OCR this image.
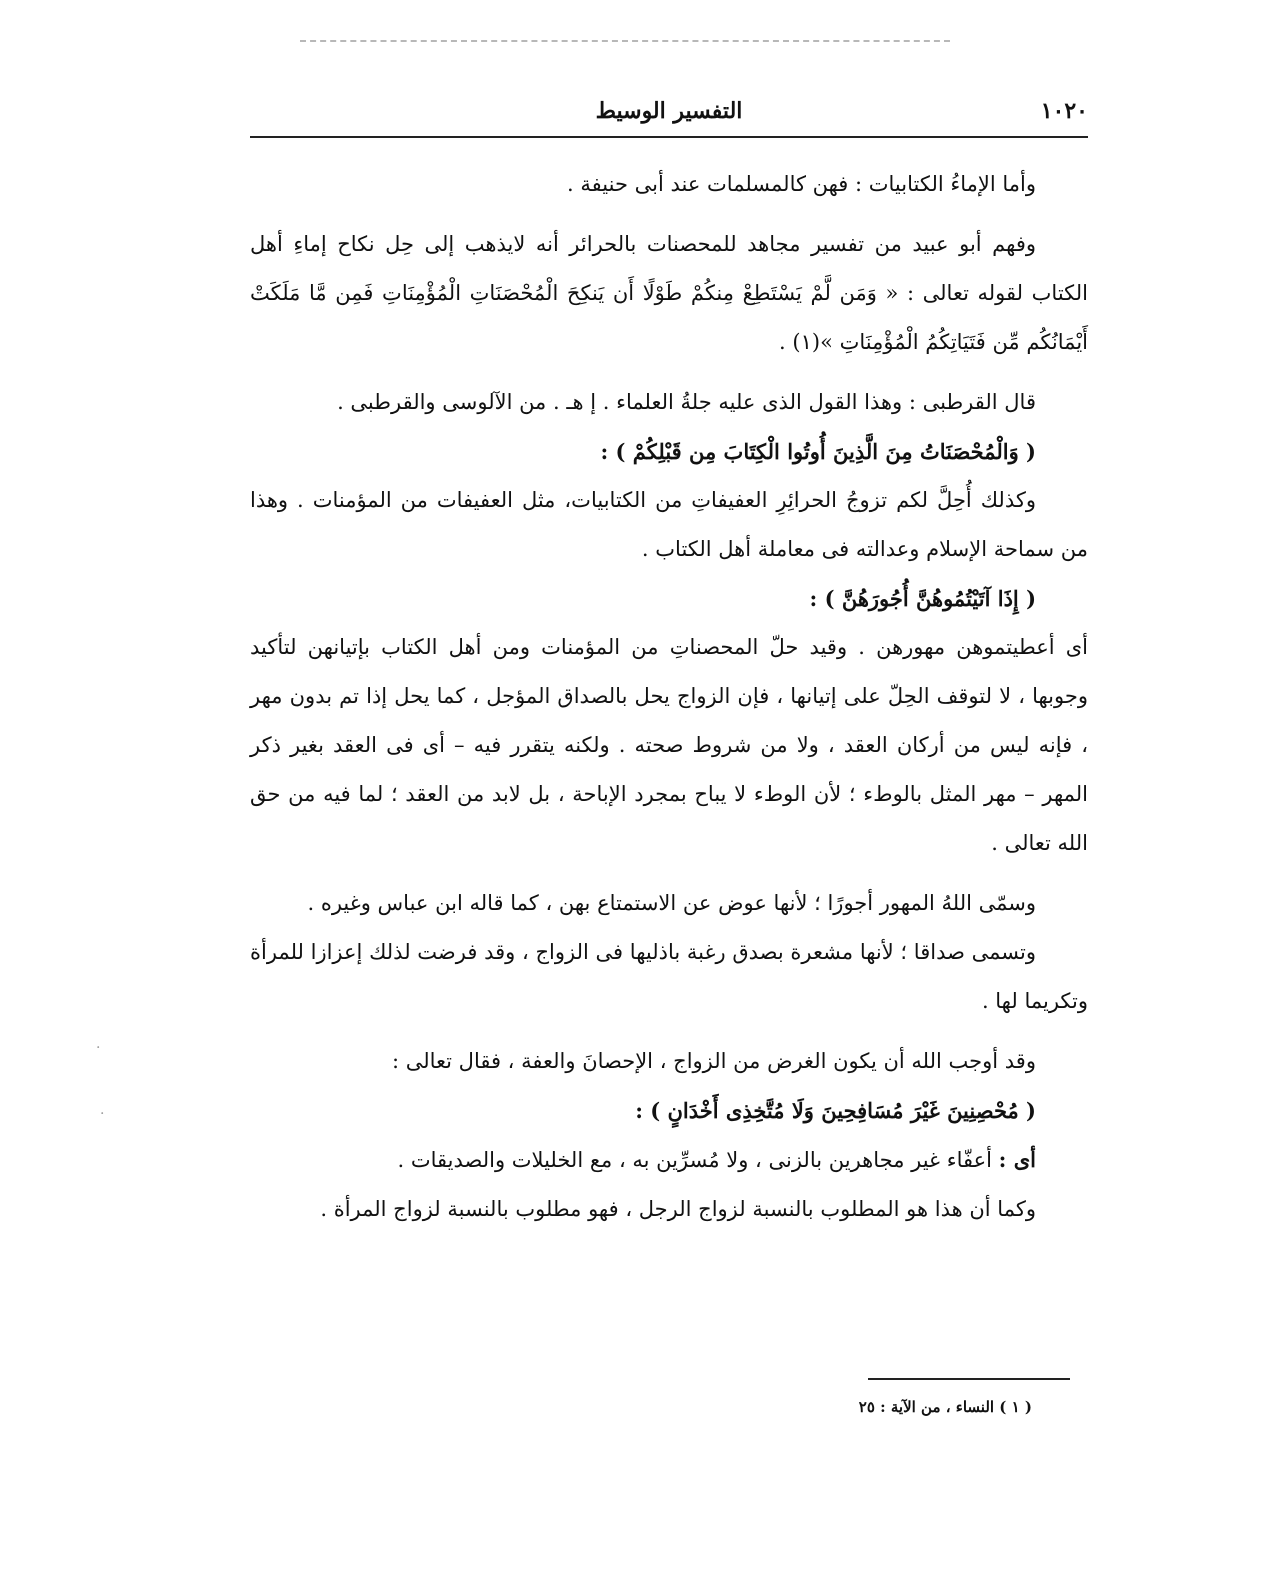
١٠٢٠
التفسير الوسيط

وأما الإماءُ الكتابيات : فهن كالمسلمات عند أبى حنيفة .

وفهم أبو عبيد من تفسير مجاهد للمحصنات بالحرائر أنه لايذهب إلى حِل نكاح إماءِ أهل الكتاب لقوله تعالى : « وَمَن لَّمْ يَسْتَطِعْ مِنكُمْ طَوْلًا أَن يَنكِحَ الْمُحْصَنَاتِ الْمُؤْمِنَاتِ فَمِن مَّا مَلَكَتْ أَيْمَانُكُم مِّن فَتَيَاتِكُمُ الْمُؤْمِنَاتِ »(١) .

قال القرطبى : وهذا القول الذى عليه جلةُ العلماء . إ هـ . من الآلوسى والقرطبى .

( وَالْمُحْصَنَاتُ مِنَ الَّذِينَ أُوتُوا الْكِتَابَ مِن قَبْلِكُمْ ) :

وكذلك أُحِلَّ لكم تزوجُ الحرائِرِ العفيفاتِ من الكتابيات، مثل العفيفات من المؤمنات . وهذا من سماحة الإسلام وعدالته فى معاملة أهل الكتاب .

( إِذَا آتَيْتُمُوهُنَّ أُجُورَهُنَّ ) :

أى أعطيتموهن مهورهن . وقيد حلّ المحصناتِ من المؤمنات ومن أهل الكتاب بإتيانهن لتأكيد وجوبها ، لا لتوقف الحِلّ على إتيانها ، فإن الزواج يحل بالصداق المؤجل ، كما يحل إذا تم بدون مهر ، فإنه ليس من أركان العقد ، ولا من شروط صحته . ولكنه يتقرر فيه – أى فى العقد بغير ذكر المهر – مهر المثل بالوطء ؛ لأن الوطء لا يباح بمجرد الإباحة ، بل لابد من العقد ؛ لما فيه من حق الله تعالى .

وسمّى اللهُ المهور أجورًا ؛ لأنها عوض عن الاستمتاع بهن ، كما قاله ابن عباس وغيره .

وتسمى صداقا ؛ لأنها مشعرة بصدق رغبة باذليها فى الزواج ، وقد فرضت لذلك إعزازا للمرأة وتكريما لها .

وقد أوجب الله أن يكون الغرض من الزواج ، الإحصانَ والعفة ، فقال تعالى :

( مُحْصِنِينَ غَيْرَ مُسَافِحِينَ وَلَا مُتَّخِذِى أَخْدَانٍ ) :

أى : أعفّاء غير مجاهرين بالزنى ، ولا مُسرِّين به ، مع الخليلات والصديقات .

وكما أن هذا هو المطلوب بالنسبة لزواج الرجل ، فهو مطلوب بالنسبة لزواج المرأة .

( ١ ) النساء ، من الآية : ٢٥
·
·
